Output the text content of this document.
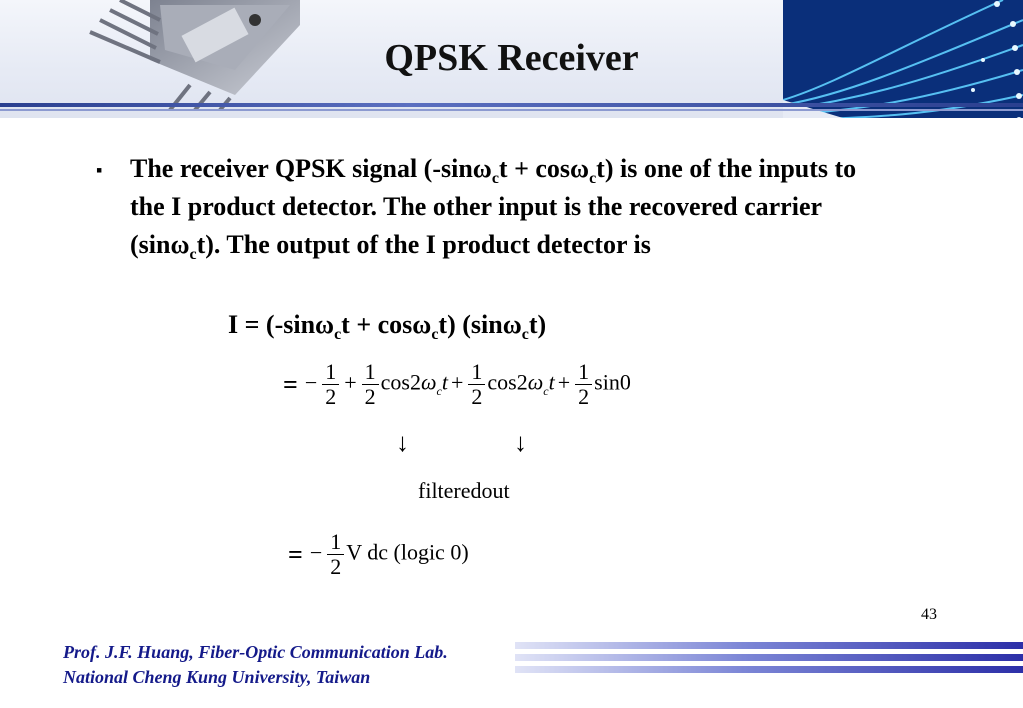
QPSK Receiver
▪ The receiver QPSK signal (-sinω$_c$t + cosω$_c$t) is one of the inputs to the I product detector. The other input is the recovered carrier (sinω$_c$t). The output of the I product detector is
I = (-sinω$_c$t + cosω$_c$t) (sinω$_c$t)
= − $\frac{1}{2} + \frac{1}{2} \cos 2\omega_ct + \frac{1}{2} \cos 2\omega_ct + \frac{1}{2} \sin 0$
↓	↓
filteredout
= − $\frac{1}{2}$ V dc (logic 0)
43
Prof. J.F. Huang, Fiber-Optic Communication Lab.
National Cheng Kung University, Taiwan
